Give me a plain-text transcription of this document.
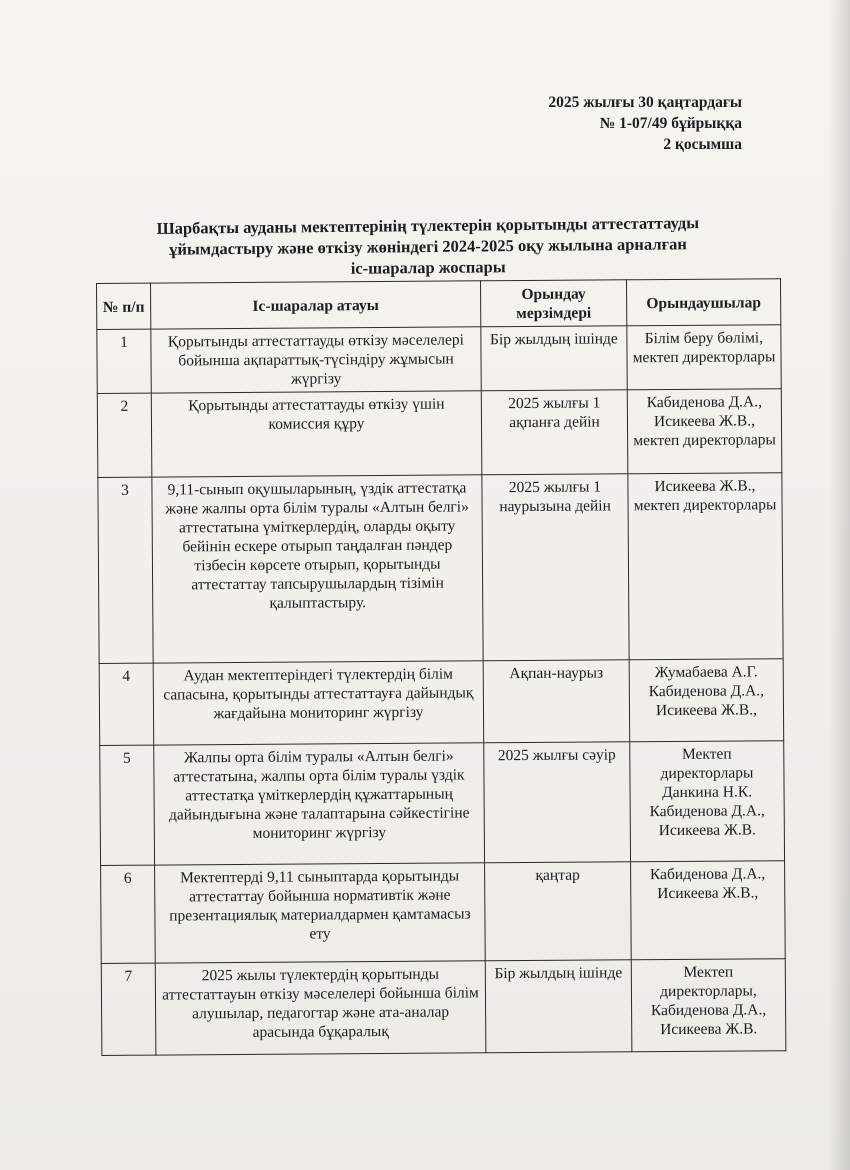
2025 жылғы 30 қаңтардағы
№ 1-07/49 бұйрыққа
2 қосымша
Шарбақты ауданы мектептерінің түлектерін қорытынды аттестаттауды
ұйымдастыру және өткізу жөніндегі 2024-2025 оқу жылына арналған
іс-шаралар жоспары
№ п/п	Іс-шаралар атауы	Орындау мерзімдері	Орындаушылар
1	Қорытынды аттестаттауды өткізу мәселелері бойынша ақпараттық-түсіндіру жұмысын жүргізу	Бір жылдың ішінде	Білім беру бөлімі, мектеп директорлары
2	Қорытынды аттестаттауды өткізу үшін комиссия құру	2025 жылғы 1 ақпанға дейін	Кабиденова Д.А., Исикеева Ж.В., мектеп директорлары
3	9,11-сынып оқушыларының, үздік аттестатқа және жалпы орта білім туралы «Алтын белгі» аттестатына үміткерлердің, оларды оқыту бейінін ескере отырып таңдалған пәндер тізбесін көрсете отырып, қорытынды аттестаттау тапсырушылардың тізімін қалыптастыру.	2025 жылғы 1 наурызына дейін	Исикеева Ж.В., мектеп директорлары
4	Аудан мектептеріндегі түлектердің білім сапасына, қорытынды аттестаттауға дайындық жағдайына мониторинг жүргізу	Ақпан-наурыз	Жумабаева А.Г. Кабиденова Д.А., Исикеева Ж.В.,
5	Жалпы орта білім туралы «Алтын белгі» аттестатына, жалпы орта білім туралы үздік аттестатқа үміткерлердің құжаттарының дайындығына және талаптарына сәйкестігіне мониторинг жүргізу	2025 жылғы сәуір	Мектеп директорлары Данкина Н.К. Кабиденова Д.А., Исикеева Ж.В.
6	Мектептерді 9,11 сыныптарда қорытынды аттестаттау бойынша нормативтік және презентациялық материалдармен қамтамасыз ету	қаңтар	Кабиденова Д.А., Исикеева Ж.В.,
7	2025 жылы түлектердің қорытынды аттестаттауын өткізу мәселелері бойынша білім алушылар, педагогтар және ата-аналар арасында бұқаралық	Бір жылдың ішінде	Мектеп директорлары, Кабиденова Д.А., Исикеева Ж.В.
